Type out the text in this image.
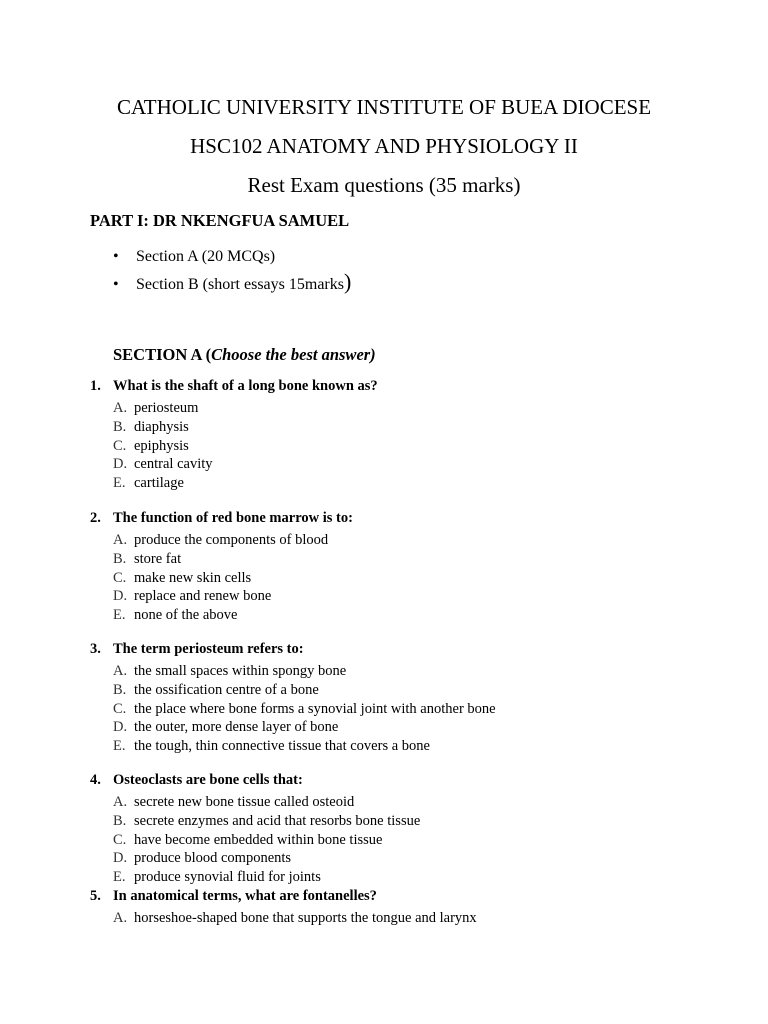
CATHOLIC UNIVERSITY INSTITUTE OF BUEA DIOCESE
HSC102 ANATOMY AND PHYSIOLOGY II
Rest Exam questions (35 marks)
PART I: DR NKENGFUA SAMUEL
• Section A (20 MCQs)
• Section B (short essays 15marks)
SECTION A (Choose the best answer)
1. What is the shaft of a long bone known as?
A. periosteum
B. diaphysis
C. epiphysis
D. central cavity
E. cartilage
2. The function of red bone marrow is to:
A. produce the components of blood
B. store fat
C. make new skin cells
D. replace and renew bone
E. none of the above
3. The term periosteum refers to:
A. the small spaces within spongy bone
B. the ossification centre of a bone
C. the place where bone forms a synovial joint with another bone
D. the outer, more dense layer of bone
E. the tough, thin connective tissue that covers a bone
4. Osteoclasts are bone cells that:
A. secrete new bone tissue called osteoid
B. secrete enzymes and acid that resorbs bone tissue
C. have become embedded within bone tissue
D. produce blood components
E. produce synovial fluid for joints
5. In anatomical terms, what are fontanelles?
A. horseshoe-shaped bone that supports the tongue and larynx
